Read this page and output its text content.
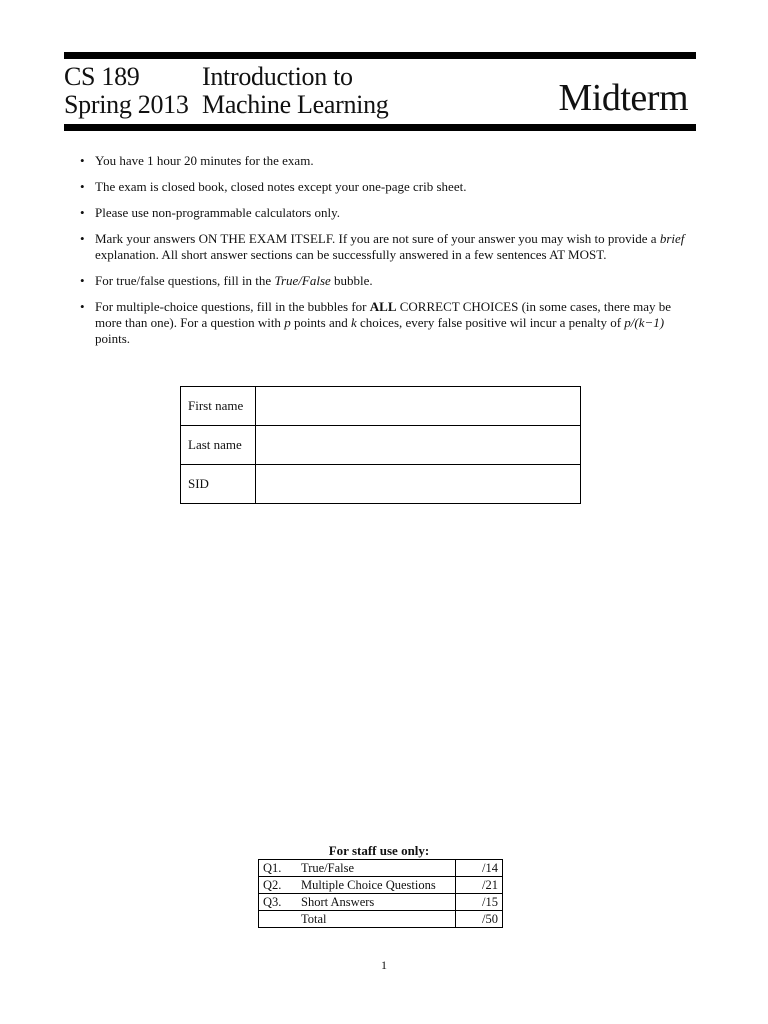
CS 189
Spring 2013
Introduction to
Machine Learning	Midterm
• You have 1 hour 20 minutes for the exam.
• The exam is closed book, closed notes except your one-page crib sheet.
• Please use non-programmable calculators only.
• Mark your answers ON THE EXAM ITSELF. If you are not sure of your answer you may wish to provide a brief explanation. All short answer sections can be successfully answered in a few sentences AT MOST.
• For true/false questions, fill in the True/False bubble.
• For multiple-choice questions, fill in the bubbles for ALL CORRECT CHOICES (in some cases, there may be more than one). For a question with p points and k choices, every false positive wil incur a penalty of p/(k−1) points.
First name	
Last name	
SID	
For staff use only:
Q1.	True/False	/14
Q2.	Multiple Choice Questions	/21
Q3.	Short Answers	/15
	Total	/50
1
